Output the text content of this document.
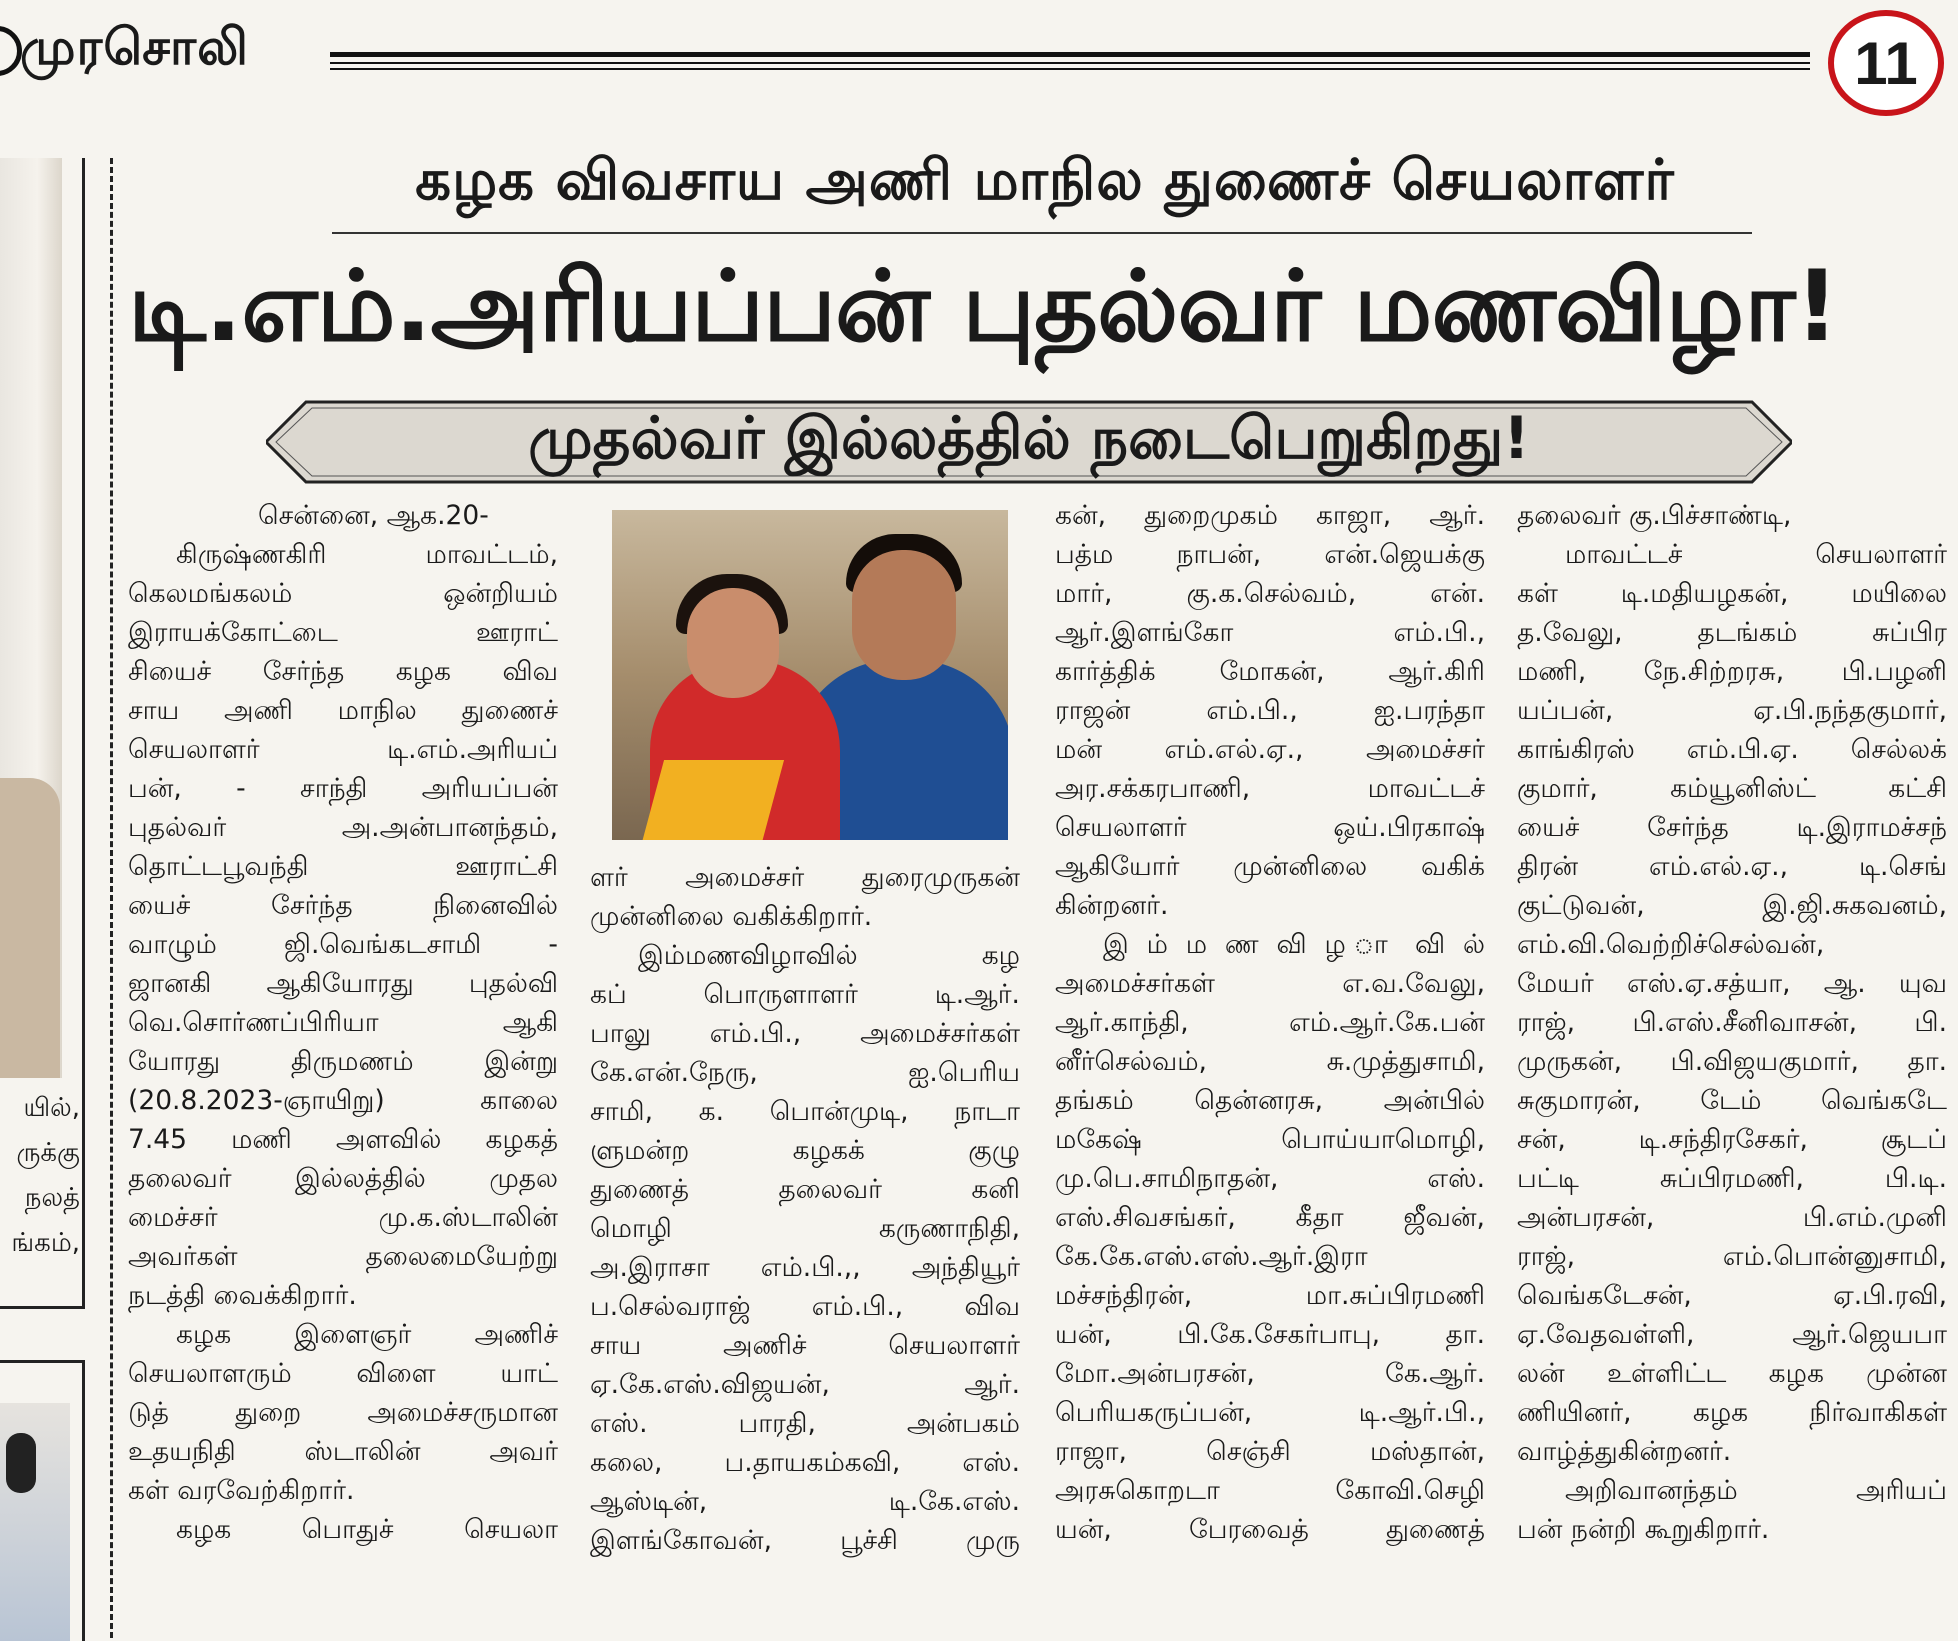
முரசொலி	11
யில்,
ருக்கு
நலத்
ங்கம்,
கழக விவசாய அணி மாநில துணைச் செயலாளர்
டி.எம்.அரியப்பன் புதல்வர் மணவிழா!
முதல்வர் இல்லத்தில் நடைபெறுகிறது!
சென்னை, ஆக.20-
கிருஷ்ணகிரி மாவட்டம்,
கெலமங்கலம் ஒன்றியம்
இராயக்கோட்டை ஊராட்
சியைச் சேர்ந்த கழக விவ
சாய அணி மாநில துணைச்
செயலாளர் டி.எம்.அரியப்
பன், - சாந்தி அரியப்பன்
புதல்வர் அ.அன்பானந்தம்,
தொட்டபூவந்தி ஊராட்சி
யைச் சேர்ந்த நினைவில்
வாழும் ஜி.வெங்கடசாமி -
ஜானகி ஆகியோரது புதல்வி
வெ.சொர்ணப்பிரியா ஆகி
யோரது திருமணம் இன்று
(20.8.2023-ஞாயிறு) காலை
7.45 மணி அளவில் கழகத்
தலைவர் இல்லத்தில் முதல
மைச்சர் மு.க.ஸ்டாலின்
அவர்கள் தலைமையேற்று
நடத்தி வைக்கிறார்.
கழக இளைஞர் அணிச்
செயலாளரும் விளை யாட்
டுத் துறை அமைச்சருமான
உதயநிதி ஸ்டாலின் அவர்
கள் வரவேற்கிறார்.
கழக பொதுச் செயலா
ளர் அமைச்சர் துரைமுருகன்
முன்னிலை வகிக்கிறார்.
இம்மணவிழாவில் கழ
கப் பொருளாளர் டி.ஆர்.
பாலு எம்.பி., அமைச்சர்கள்
கே.என்.நேரு, ஐ.பெரிய
சாமி, க. பொன்முடி, நாடா
ளுமன்ற கழகக் குழு
துணைத் தலைவர் கனி
மொழி கருணாநிதி,
அ.இராசா எம்.பி.,, அந்தியூர்
ப.செல்வராஜ் எம்.பி., விவ
சாய அணிச் செயலாளர்
ஏ.கே.எஸ்.விஜயன், ஆர்.
எஸ். பாரதி, அன்பகம்
கலை, ப.தாயகம்கவி, எஸ்.
ஆஸ்டின், டி.கே.எஸ்.
இளங்கோவன், பூச்சி முரு
கன், துறைமுகம் காஜா, ஆர்.
பத்ம நாபன், என்.ஜெயக்கு
மார், கு.க.செல்வம், என்.
ஆர்.இளங்கோ எம்.பி.,
கார்த்திக் மோகன், ஆர்.கிரி
ராஜன் எம்.பி., ஐ.பரந்தா
மன் எம்.எல்.ஏ., அமைச்சர்
அர.சக்கரபாணி, மாவட்டச்
செயலாளர் ஒய்.பிரகாஷ்
ஆகியோர் முன்னிலை வகிக்
கின்றனர்.
இ ம் ம ண வி ழ ா வி ல்
அமைச்சர்கள் எ.வ.வேலு,
ஆர்.காந்தி, எம்.ஆர்.கே.பன்
னீர்செல்வம், சு.முத்துசாமி,
தங்கம் தென்னரசு, அன்பில்
மகேஷ் பொய்யாமொழி,
மு.பெ.சாமிநாதன், எஸ்.
எஸ்.சிவசங்கர், கீதா ஜீவன்,
கே.கே.எஸ்.எஸ்.ஆர்.இரா
மச்சந்திரன், மா.சுப்பிரமணி
யன், பி.கே.சேகர்பாபு, தா.
மோ.அன்பரசன், கே.ஆர்.
பெரியகருப்பன், டி.ஆர்.பி.,
ராஜா, செஞ்சி மஸ்தான்,
அரசுகொறடா கோவி.செழி
யன், பேரவைத் துணைத்
தலைவர் கு.பிச்சாண்டி,
மாவட்டச் செயலாளர்
கள் டி.மதியழகன், மயிலை
த.வேலு, தடங்கம் சுப்பிர
மணி, நே.சிற்றரசு, பி.பழனி
யப்பன், ஏ.பி.நந்தகுமார்,
காங்கிரஸ் எம்.பி.ஏ. செல்லக்
குமார், கம்யூனிஸ்ட் கட்சி
யைச் சேர்ந்த டி.இராமச்சந்
திரன் எம்.எல்.ஏ., டி.செங்
குட்டுவன், இ.ஜி.சுகவனம்,
எம்.வி.வெற்றிச்செல்வன்,
மேயர் எஸ்.ஏ.சத்யா, ஆ. யுவ
ராஜ், பி.எஸ்.சீனிவாசன், பி.
முருகன், பி.விஜயகுமார், தா.
சுகுமாரன், டேம் வெங்கடே
சன், டி.சந்திரசேகர், சூடப்
பட்டி சுப்பிரமணி, பி.டி.
அன்பரசன், பி.எம்.முனி
ராஜ், எம்.பொன்னுசாமி,
வெங்கடேசன், ஏ.பி.ரவி,
ஏ.வேதவள்ளி, ஆர்.ஜெயபா
லன் உள்ளிட்ட கழக முன்ன
ணியினர், கழக நிர்வாகிகள்
வாழ்த்துகின்றனர்.
அறிவானந்தம் அரியப்
பன் நன்றி கூறுகிறார்.
